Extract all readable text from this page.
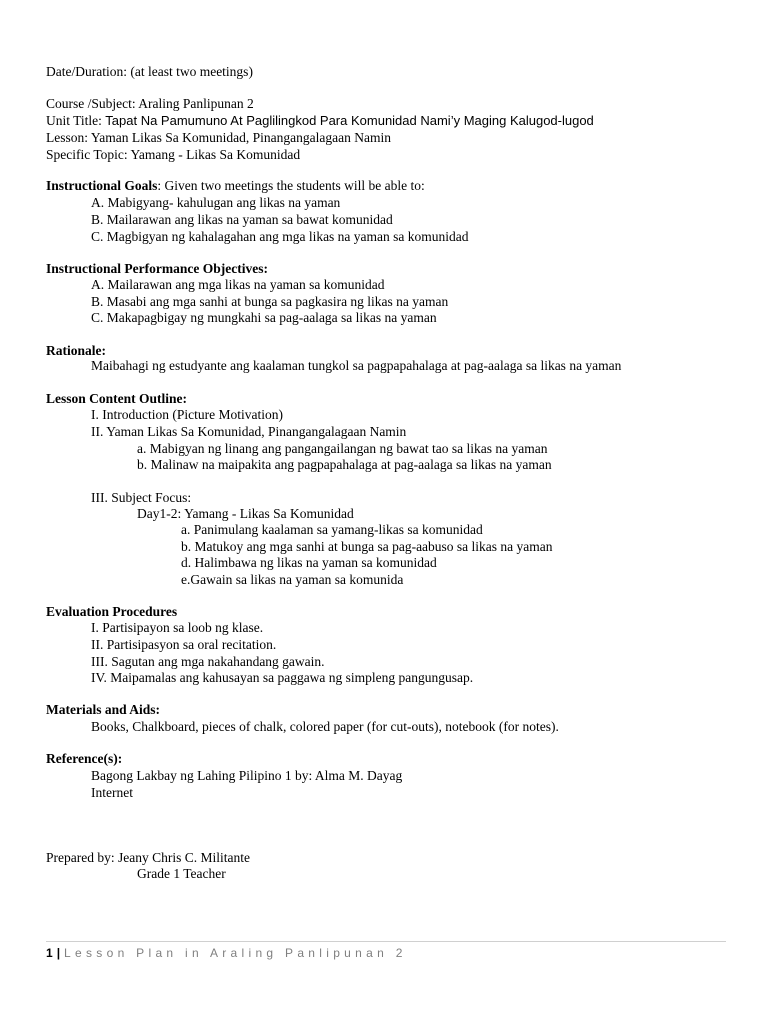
Date/Duration: (at least two meetings)
Course /Subject: Araling Panlipunan 2
Unit Title: Tapat Na Pamumuno At Paglilingkod Para Komunidad Nami’y Maging Kalugod-lugod
Lesson: Yaman Likas Sa Komunidad, Pinangangalagaan Namin
Specific Topic: Yamang - Likas Sa Komunidad
Instructional Goals: Given two meetings the students will be able to:
A. Mabigyang- kahulugan ang likas na yaman
B. Mailarawan ang likas na yaman sa bawat komunidad
C. Magbigyan ng kahalagahan ang mga likas na yaman sa komunidad
Instructional Performance Objectives:
A. Mailarawan ang mga likas na yaman sa komunidad
B. Masabi ang mga sanhi at bunga sa pagkasira ng likas na yaman
C. Makapagbigay ng mungkahi sa pag-aalaga sa likas na yaman
Rationale:
Maibahagi ng estudyante ang kaalaman tungkol sa pagpapahalaga at pag-aalaga sa likas na yaman
Lesson Content Outline:
I. Introduction (Picture Motivation)
II. Yaman Likas Sa Komunidad, Pinangangalagaan Namin
a. Mabigyan ng linang ang pangangailangan ng bawat tao sa likas na yaman
b. Malinaw na maipakita ang pagpapahalaga at pag-aalaga sa likas na yaman
III. Subject Focus:
Day1-2: Yamang - Likas Sa Komunidad
a. Panimulang kaalaman sa yamang-likas sa komunidad
b. Matukoy ang mga sanhi at bunga sa pag-aabuso sa likas na yaman
d. Halimbawa ng likas na yaman sa komunidad
e.Gawain sa likas na yaman sa komunida
Evaluation Procedures
I. Partisipayon sa loob ng klase.
II. Partisipasyon sa oral recitation.
III. Sagutan ang mga nakahandang gawain.
IV. Maipamalas ang kahusayan sa paggawa ng simpleng pangungusap.
Materials and Aids:
Books, Chalkboard, pieces of chalk, colored paper (for cut-outs), notebook (for notes).
Reference(s):
Bagong Lakbay ng Lahing Pilipino 1 by: Alma M. Dayag
Internet
Prepared by: Jeany Chris C. Militante
Grade 1 Teacher
1 | Lesson Plan in Araling Panlipunan 2
